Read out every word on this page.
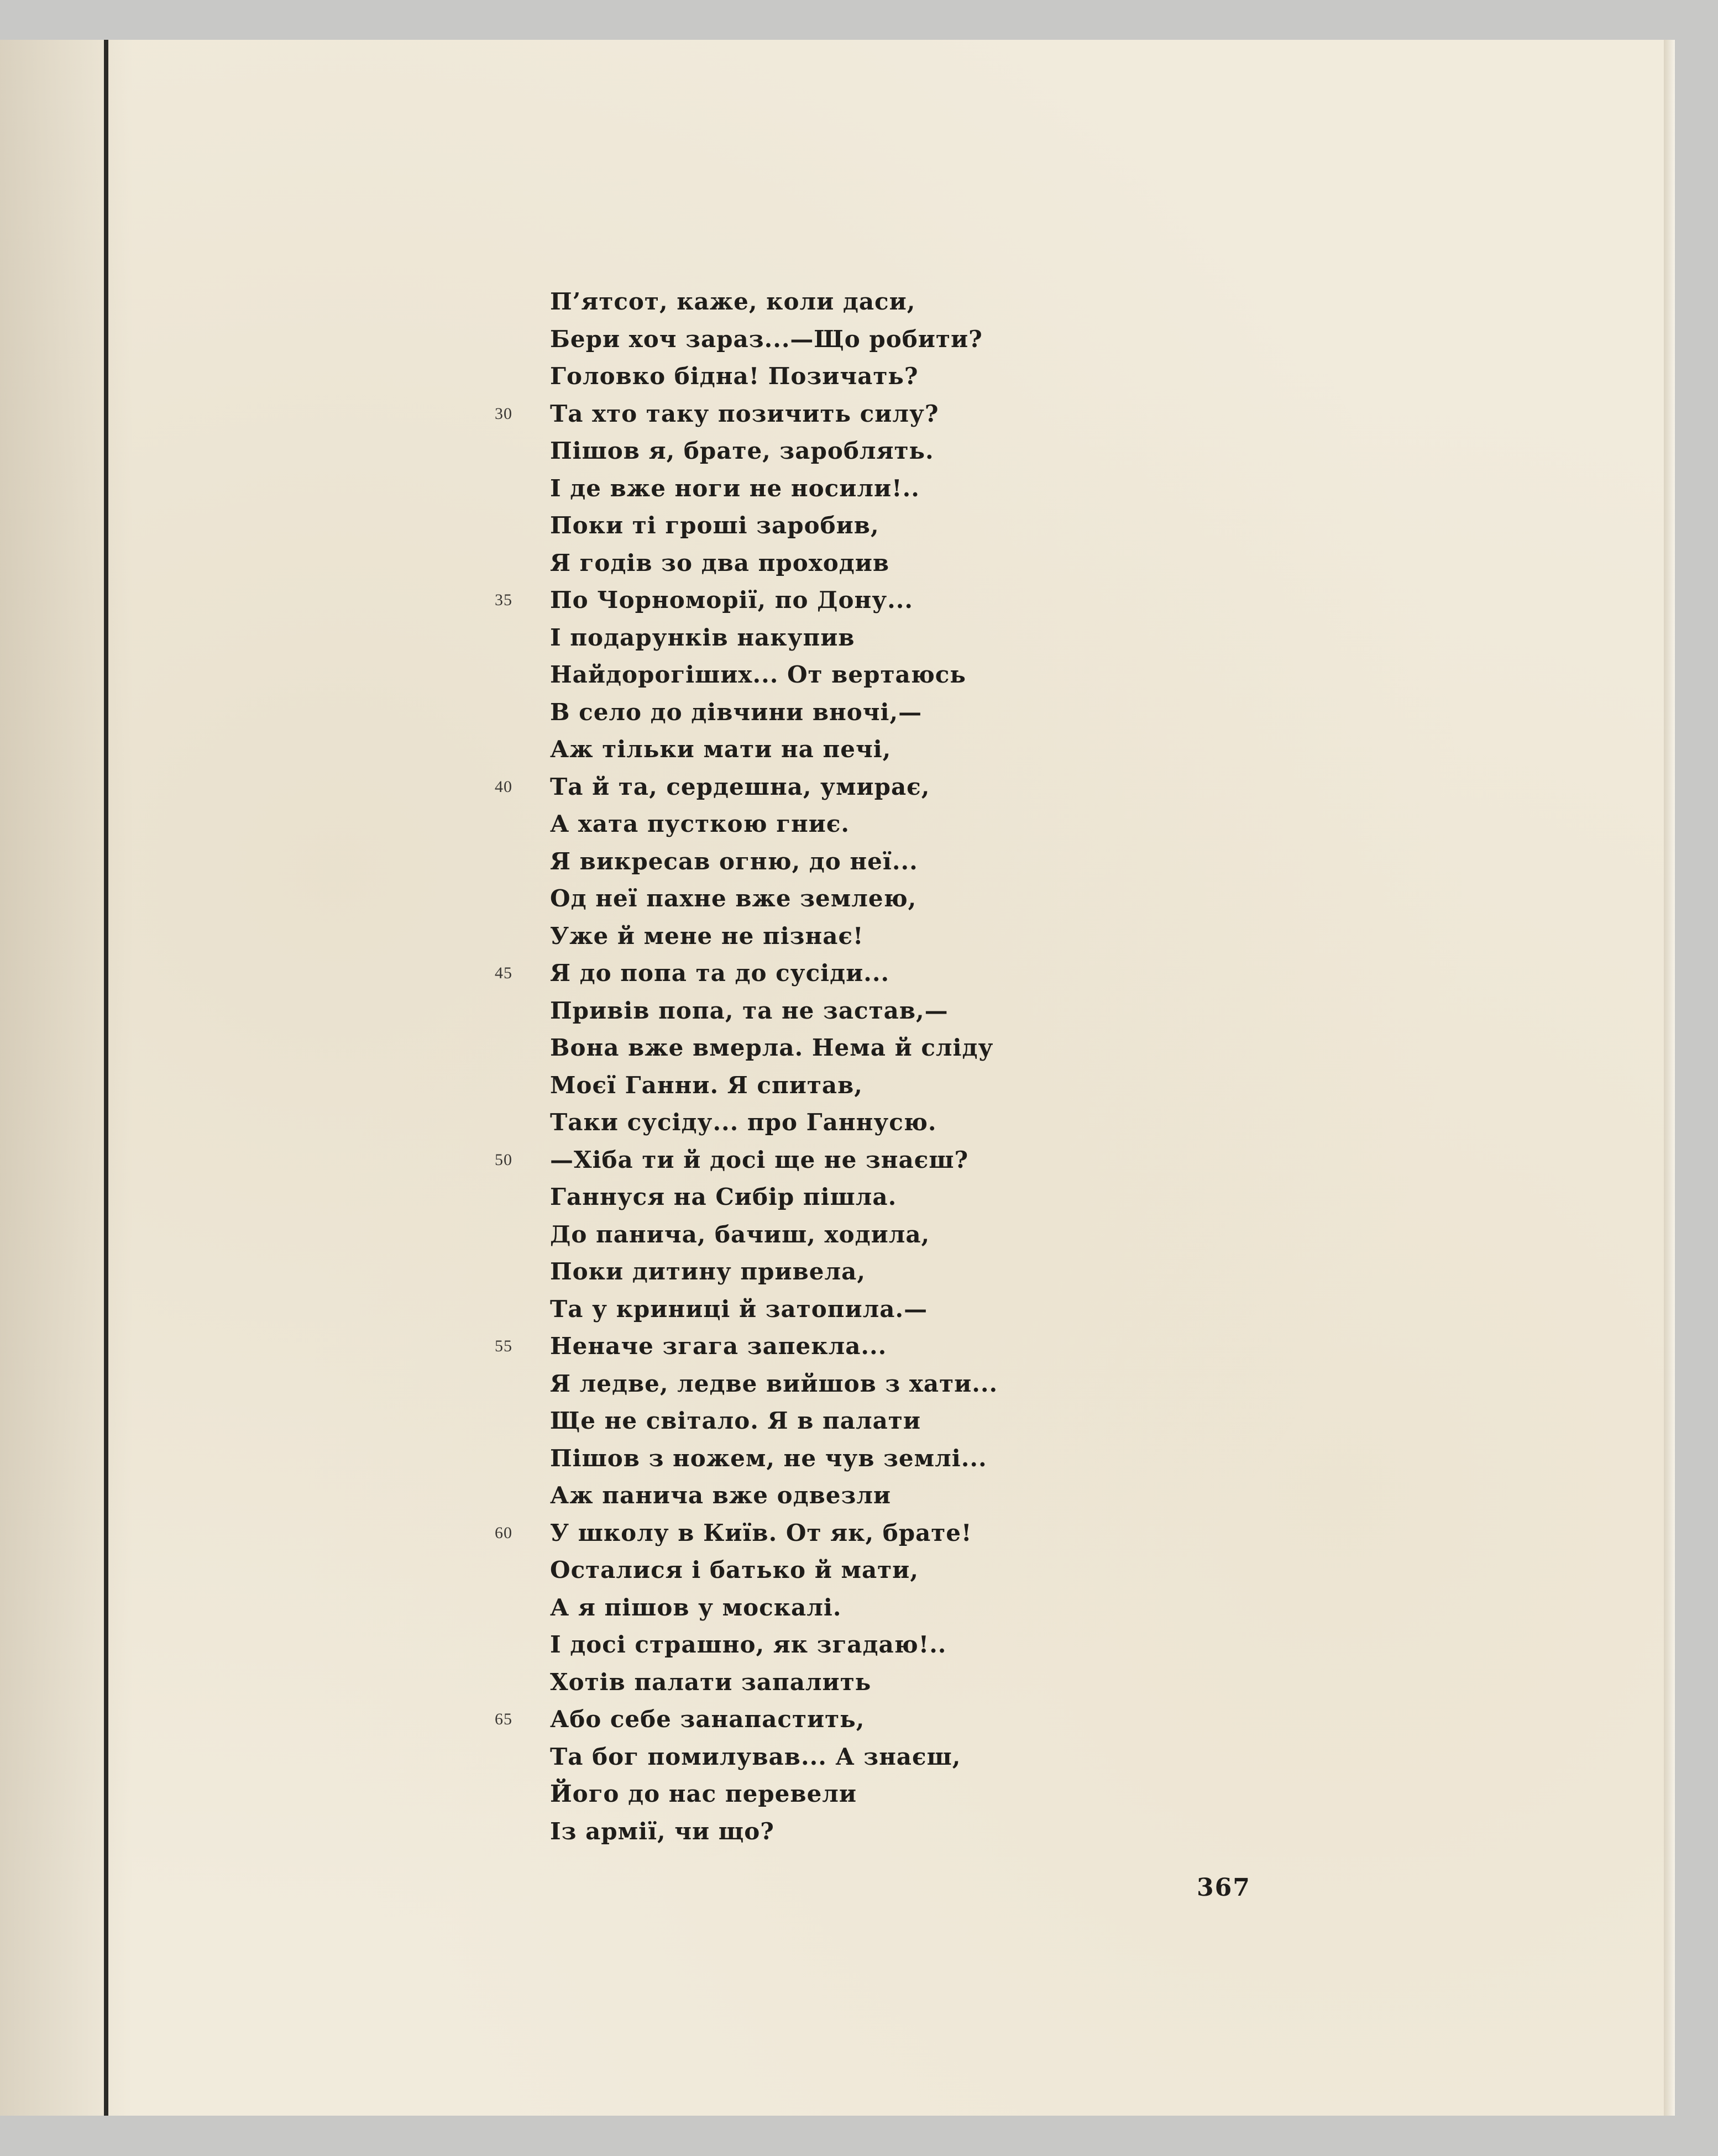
П’ятсот, каже, коли даси,
Бери хоч зараз...—Що робити?
Головко бідна! Позичать?
30	Та хто таку позичить силу?
Пішов я, брате, зароблять.
І де вже ноги не носили!..
Поки ті гроші заробив,
Я годів зо два проходив
35	По Чорноморії, по Дону...
І подарунків накупив
Найдорогіших... От вертаюсь
В село до дівчини вночі,—
Аж тільки мати на печі,
40	Та й та, сердешна, умирає,
А хата пусткою гниє.
Я викресав огню, до неї...
Од неї пахне вже землею,
Уже й мене не пізнає!
45	Я до попа та до сусіди...
Привів попа, та не застав,—
Вона вже вмерла. Нема й сліду
Моєї Ганни. Я спитав,
Таки сусіду... про Ганнусю.
50	—Хіба ти й досі ще не знаєш?
Ганнуся на Сибір пішла.
До панича, бачиш, ходила,
Поки дитину привела,
Та у криниці й затопила.—
55	Неначе згага запекла...
Я ледве, ледве вийшов з хати...
Ще не світало. Я в палати
Пішов з ножем, не чув землі...
Аж панича вже одвезли
60	У школу в Київ. От як, брате!
Осталися і батько й мати,
А я пішов у москалі.
І досі страшно, як згадаю!..
Хотів палати запалить
65	Або себе занапастить,
Та бог помилував... А знаєш,
Його до нас перевели
Із армії, чи що?
367
